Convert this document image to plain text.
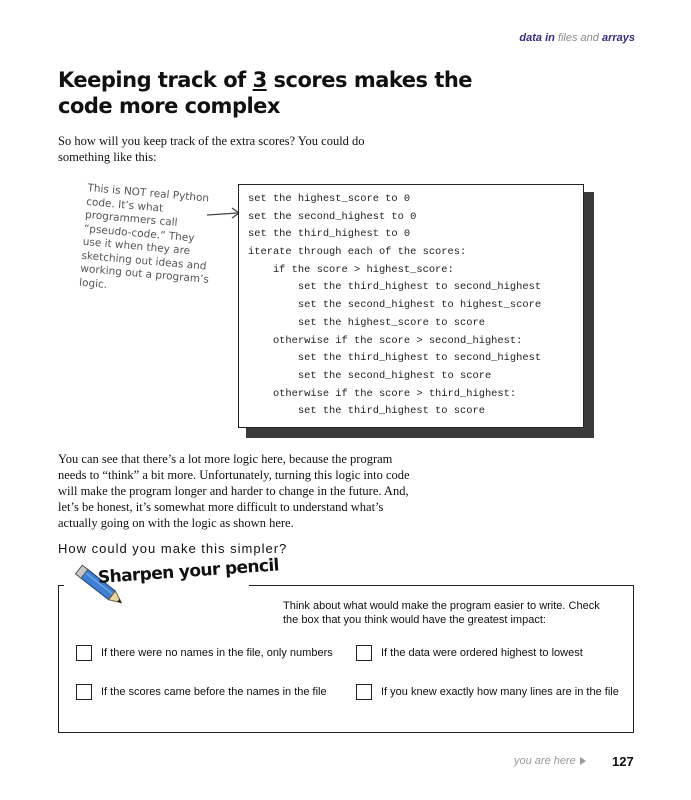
data in files and arrays
Keeping track of 3 scores makes the code more complex
So how will you keep track of the extra scores? You could do something like this:
This is NOT real Python code. It’s what programmers call “pseudo-code.” They use it when they are sketching out ideas and working out a program’s logic.
set the highest_score to 0
set the second_highest to 0
set the third_highest to 0
iterate through each of the scores:
if the score > highest_score:
set the third_highest to second_highest
set the second_highest to highest_score
set the highest_score to score
otherwise if the score > second_highest:
set the third_highest to second_highest
set the second_highest to score
otherwise if the score > third_highest:
set the third_highest to score
You can see that there’s a lot more logic here, because the program needs to “think” a bit more. Unfortunately, turning this logic into code will make the program longer and harder to change in the future. And, let’s be honest, it’s somewhat more difficult to understand what’s actually going on with the logic as shown here.
How could you make this simpler?
Sharpen your pencil
Think about what would make the program easier to write. Check the box that you think would have the greatest impact:
If there were no names in the file, only numbers	If the data were ordered highest to lowest
If the scores came before the names in the file	If you knew exactly how many lines are in the file
you are here	127
